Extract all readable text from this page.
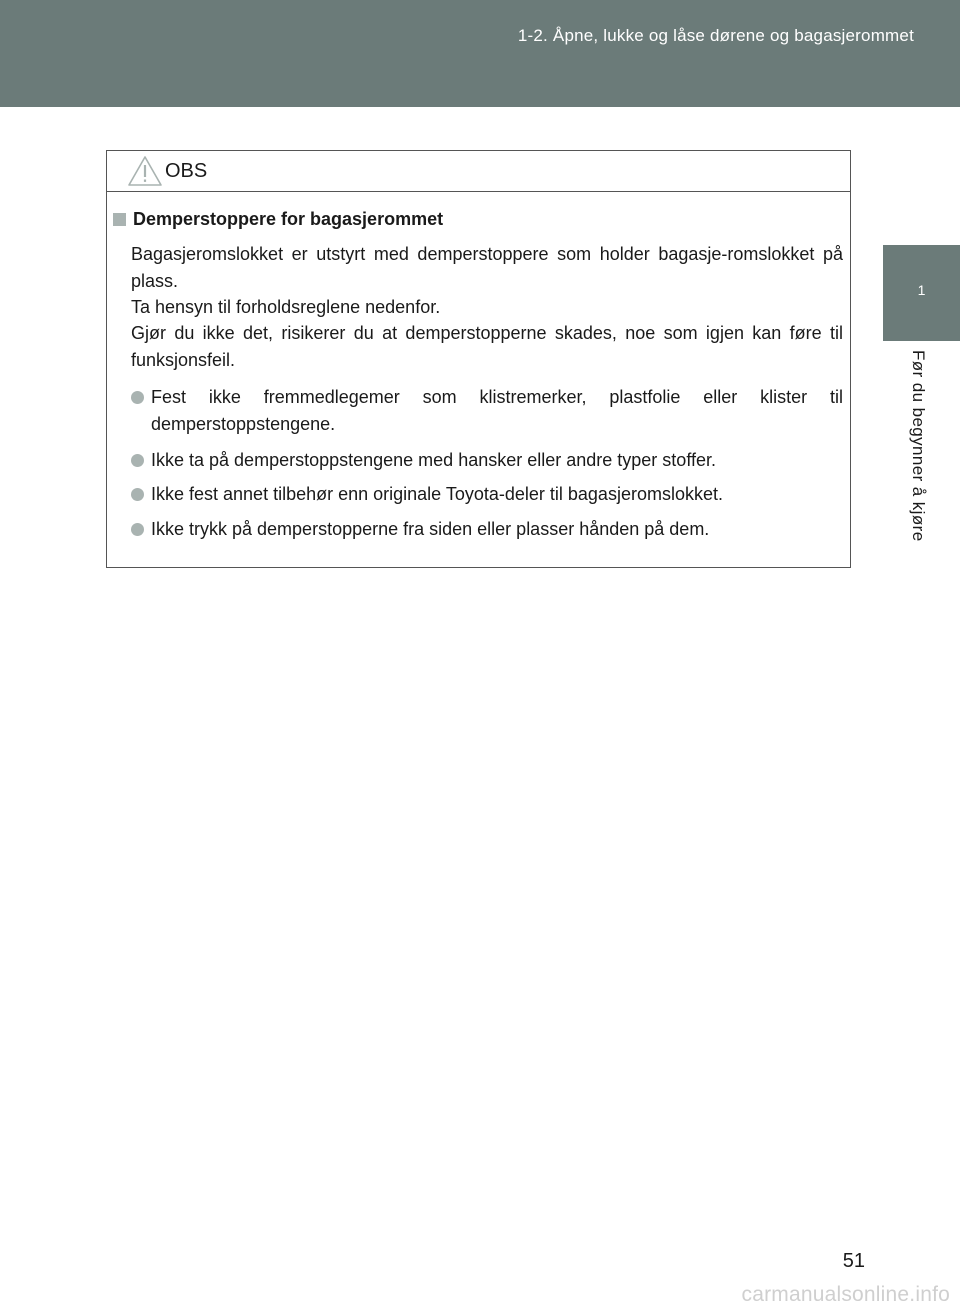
1-2. Åpne, lukke og låse dørene og bagasjerommet
1
Før du begynner å kjøre
OBS
Demperstoppere for bagasjerommet

Bagasjeromslokket er utstyrt med demperstoppere som holder bagasje-romslokket på plass.

Ta hensyn til forholdsreglene nedenfor.

Gjør du ikke det, risikerer du at demperstopperne skades, noe som igjen kan føre til funksjonsfeil.

Fest ikke fremmedlegemer som klistremerker, plastfolie eller klister til demperstoppstengene.
Ikke ta på demperstoppstengene med hansker eller andre typer stoffer.
Ikke fest annet tilbehør enn originale Toyota-deler til bagasjeromslokket.
Ikke trykk på demperstopperne fra siden eller plasser hånden på dem.
51
carmanualsonline.info
